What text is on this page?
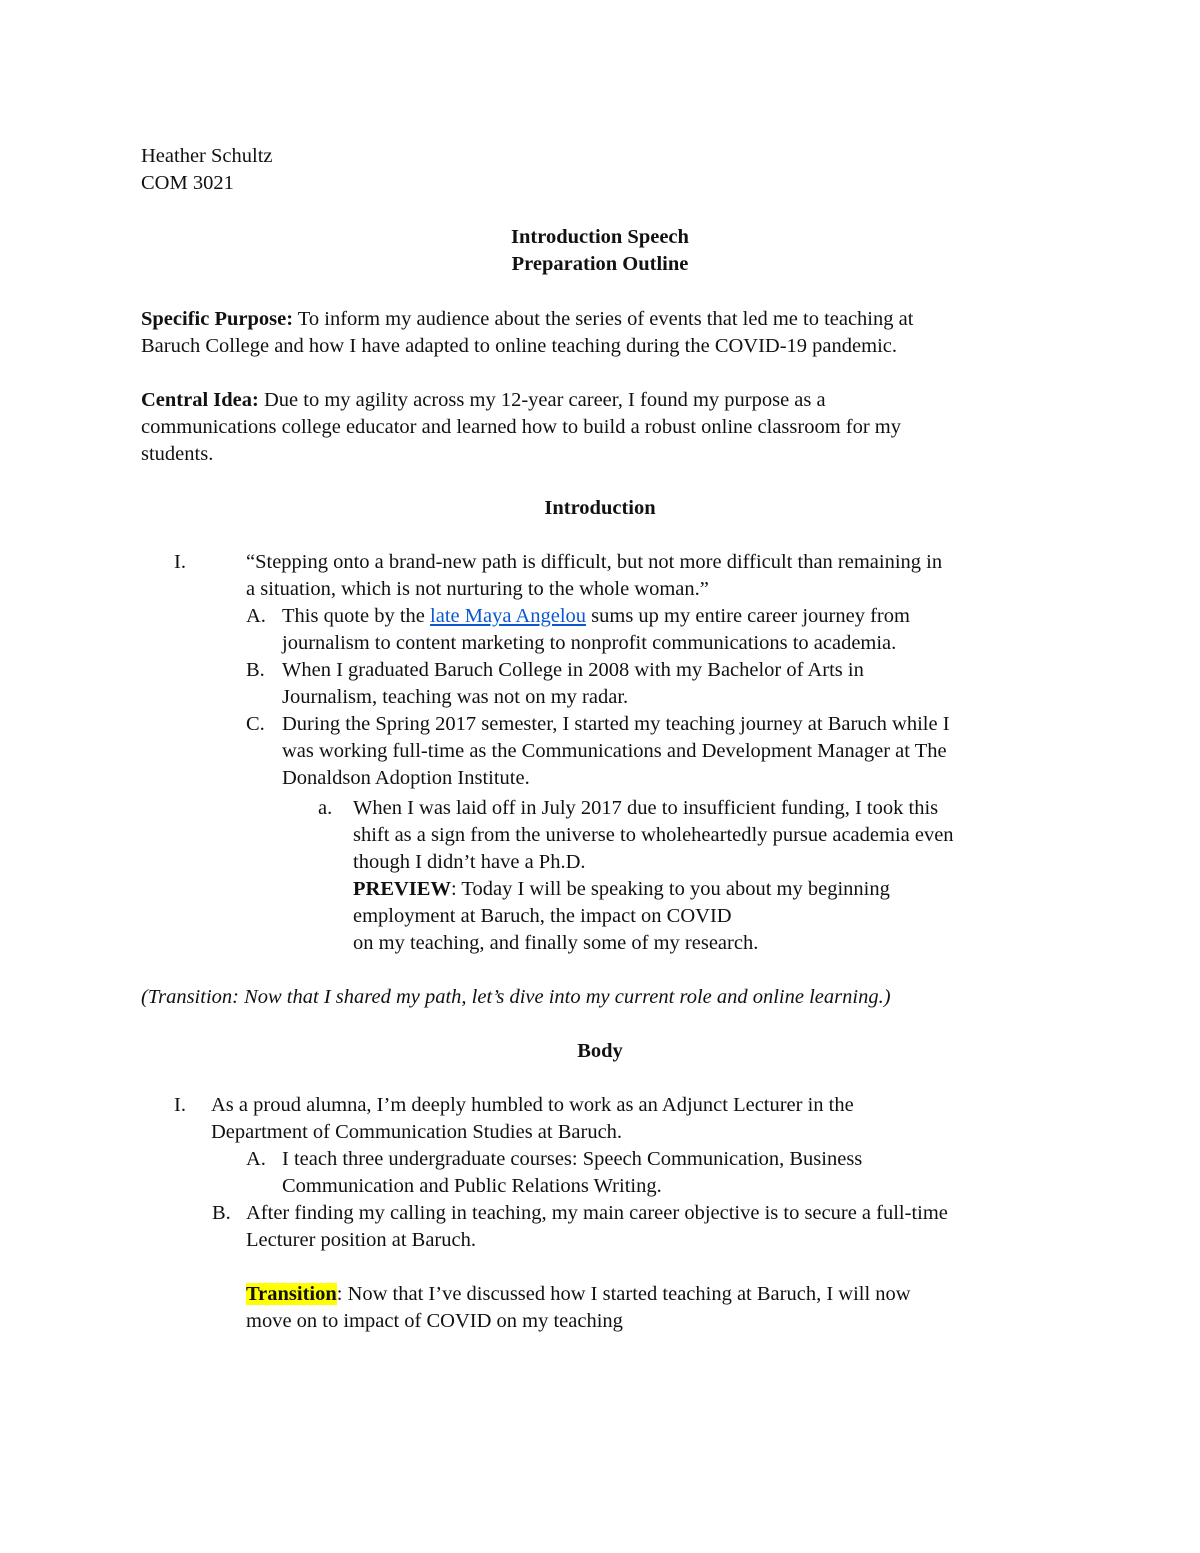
Heather Schultz

COM 3021

Introduction Speech

Preparation Outline

Specific Purpose: To inform my audience about the series of events that led me to teaching at

Baruch College and how I have adapted to online teaching during the COVID-19 pandemic.

Central Idea: Due to my agility across my 12-year career, I found my purpose as a

communications college educator and learned how to build a robust online classroom for my

students.

Introduction

I.	“Stepping onto a brand-new path is difficult, but not more difficult than remaining in

a situation, which is not nurturing to the whole woman.”

A. This quote by the late Maya Angelou sums up my entire career journey from

journalism to content marketing to nonprofit communications to academia.

B. When I graduated Baruch College in 2008 with my Bachelor of Arts in

Journalism, teaching was not on my radar.

C. During the Spring 2017 semester, I started my teaching journey at Baruch while I

was working full-time as the Communications and Development Manager at The

Donaldson Adoption Institute.

a. When I was laid off in July 2017 due to insufficient funding, I took this

shift as a sign from the universe to wholeheartedly pursue academia even

though I didn’t have a Ph.D.

PREVIEW: Today I will be speaking to you about my beginning

employment at Baruch, the impact on COVID

on my teaching, and finally some of my research.

(Transition: Now that I shared my path, let’s dive into my current role and online learning.)

Body

I. As a proud alumna, I’m deeply humbled to work as an Adjunct Lecturer in the

Department of Communication Studies at Baruch.

A. I teach three undergraduate courses: Speech Communication, Business

Communication and Public Relations Writing.

B. After finding my calling in teaching, my main career objective is to secure a full-time

Lecturer position at Baruch.

Transition: Now that I’ve discussed how I started teaching at Baruch, I will now

move on to impact of COVID on my teaching
